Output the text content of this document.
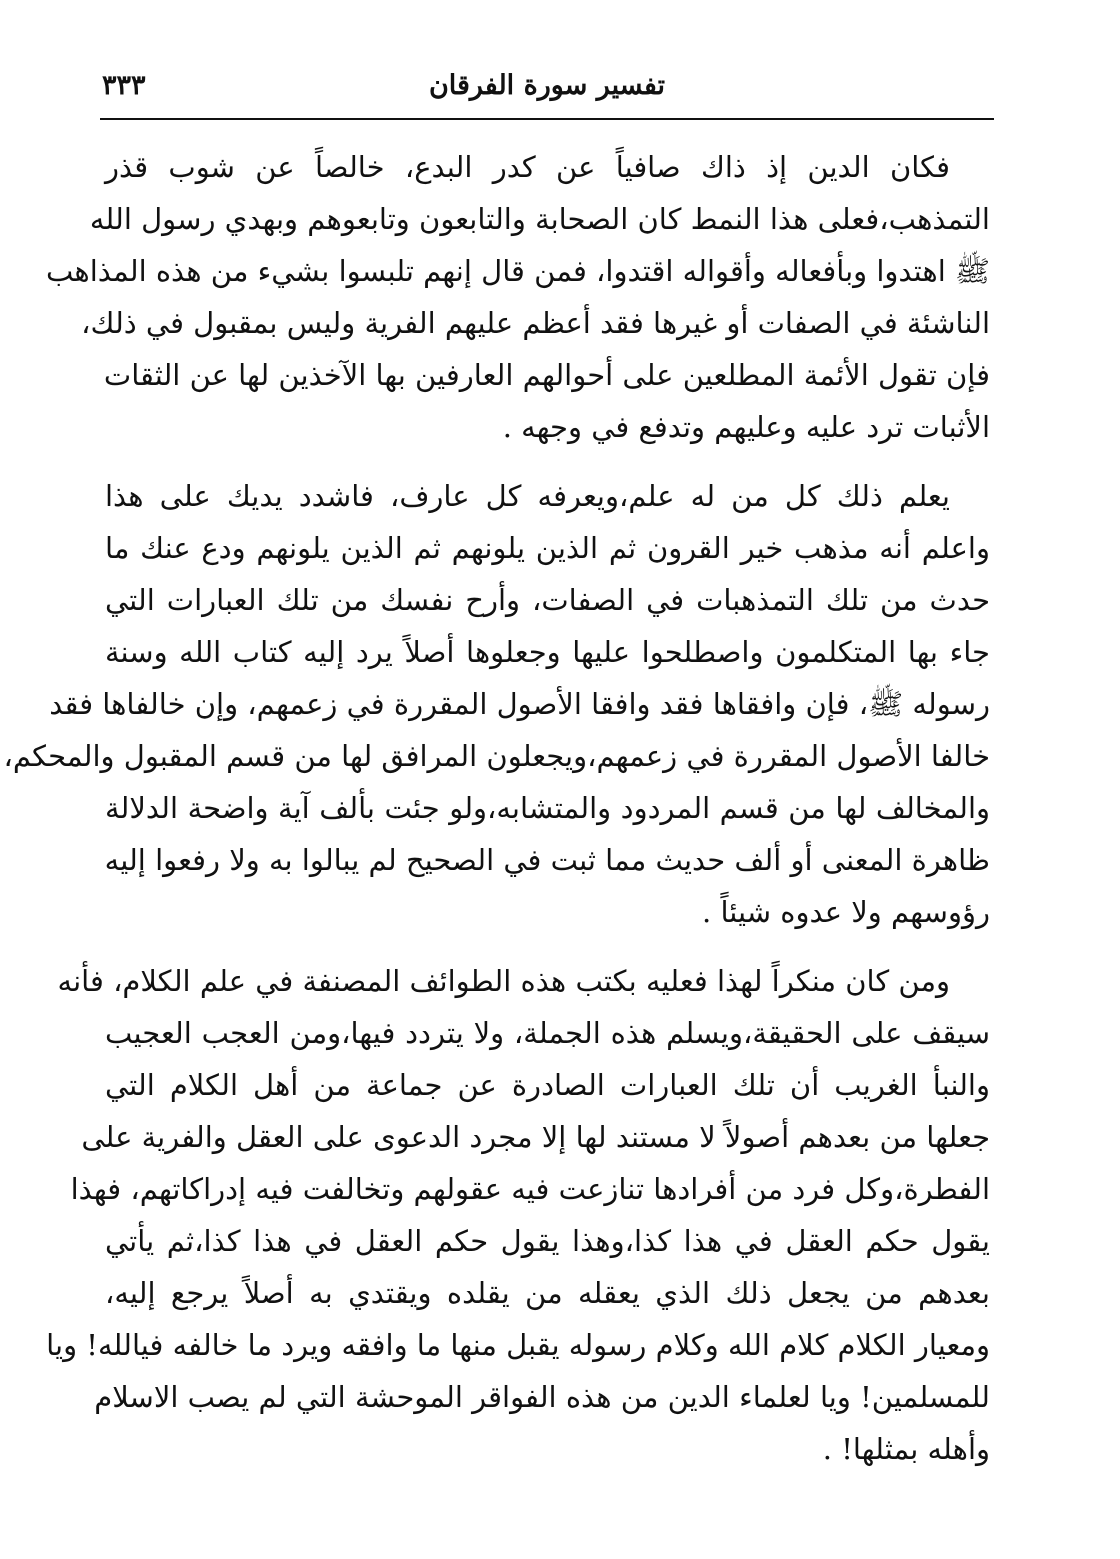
تفسير سورة الفرقان
٣٣٣
فكان الدين إذ ذاك صافياً عن كدر البدع، خالصاً عن شوب قذر
التمذهب،فعلى هذا النمط كان الصحابة والتابعون وتابعوهم وبهدي رسول الله
ﷺ اهتدوا وبأفعاله وأقواله اقتدوا، فمن قال إنهم تلبسوا بشيء من هذه المذاهب
الناشئة في الصفات أو غيرها فقد أعظم عليهم الفرية وليس بمقبول في ذلك،
فإن تقول الأئمة المطلعين على أحوالهم العارفين بها الآخذين لها عن الثقات
الأثبات ترد عليه وعليهم وتدفع في وجهه .
يعلم ذلك كل من له علم،ويعرفه كل عارف، فاشدد يديك على هذا
واعلم أنه مذهب خير القرون ثم الذين يلونهم ثم الذين يلونهم ودع عنك ما
حدث من تلك التمذهبات في الصفات، وأرح نفسك من تلك العبارات التي
جاء بها المتكلمون واصطلحوا عليها وجعلوها أصلاً يرد إليه كتاب الله وسنة
رسوله ﷺ، فإن وافقاها فقد وافقا الأصول المقررة في زعمهم، وإن خالفاها فقد
خالفا الأصول المقررة في زعمهم،ويجعلون المرافق لها من قسم المقبول والمحكم،
والمخالف لها من قسم المردود والمتشابه،ولو جئت بألف آية واضحة الدلالة
ظاهرة المعنى أو ألف حديث مما ثبت في الصحيح لم يبالوا به ولا رفعوا إليه
رؤوسهم ولا عدوه شيئاً .
ومن كان منكراً لهذا فعليه بكتب هذه الطوائف المصنفة في علم الكلام، فأنه
سيقف على الحقيقة،ويسلم هذه الجملة، ولا يتردد فيها،ومن العجب العجيب
والنبأ الغريب أن تلك العبارات الصادرة عن جماعة من أهل الكلام التي
جعلها من بعدهم أصولاً لا مستند لها إلا مجرد الدعوى على العقل والفرية على
الفطرة،وكل فرد من أفرادها تنازعت فيه عقولهم وتخالفت فيه إدراكاتهم، فهذا
يقول حكم العقل في هذا كذا،وهذا يقول حكم العقل في هذا كذا،ثم يأتي
بعدهم من يجعل ذلك الذي يعقله من يقلده ويقتدي به أصلاً يرجع إليه،
ومعيار الكلام كلام الله وكلام رسوله يقبل منها ما وافقه ويرد ما خالفه فيالله! ويا
للمسلمين! ويا لعلماء الدين من هذه الفواقر الموحشة التي لم يصب الاسلام
وأهله بمثلها! .
